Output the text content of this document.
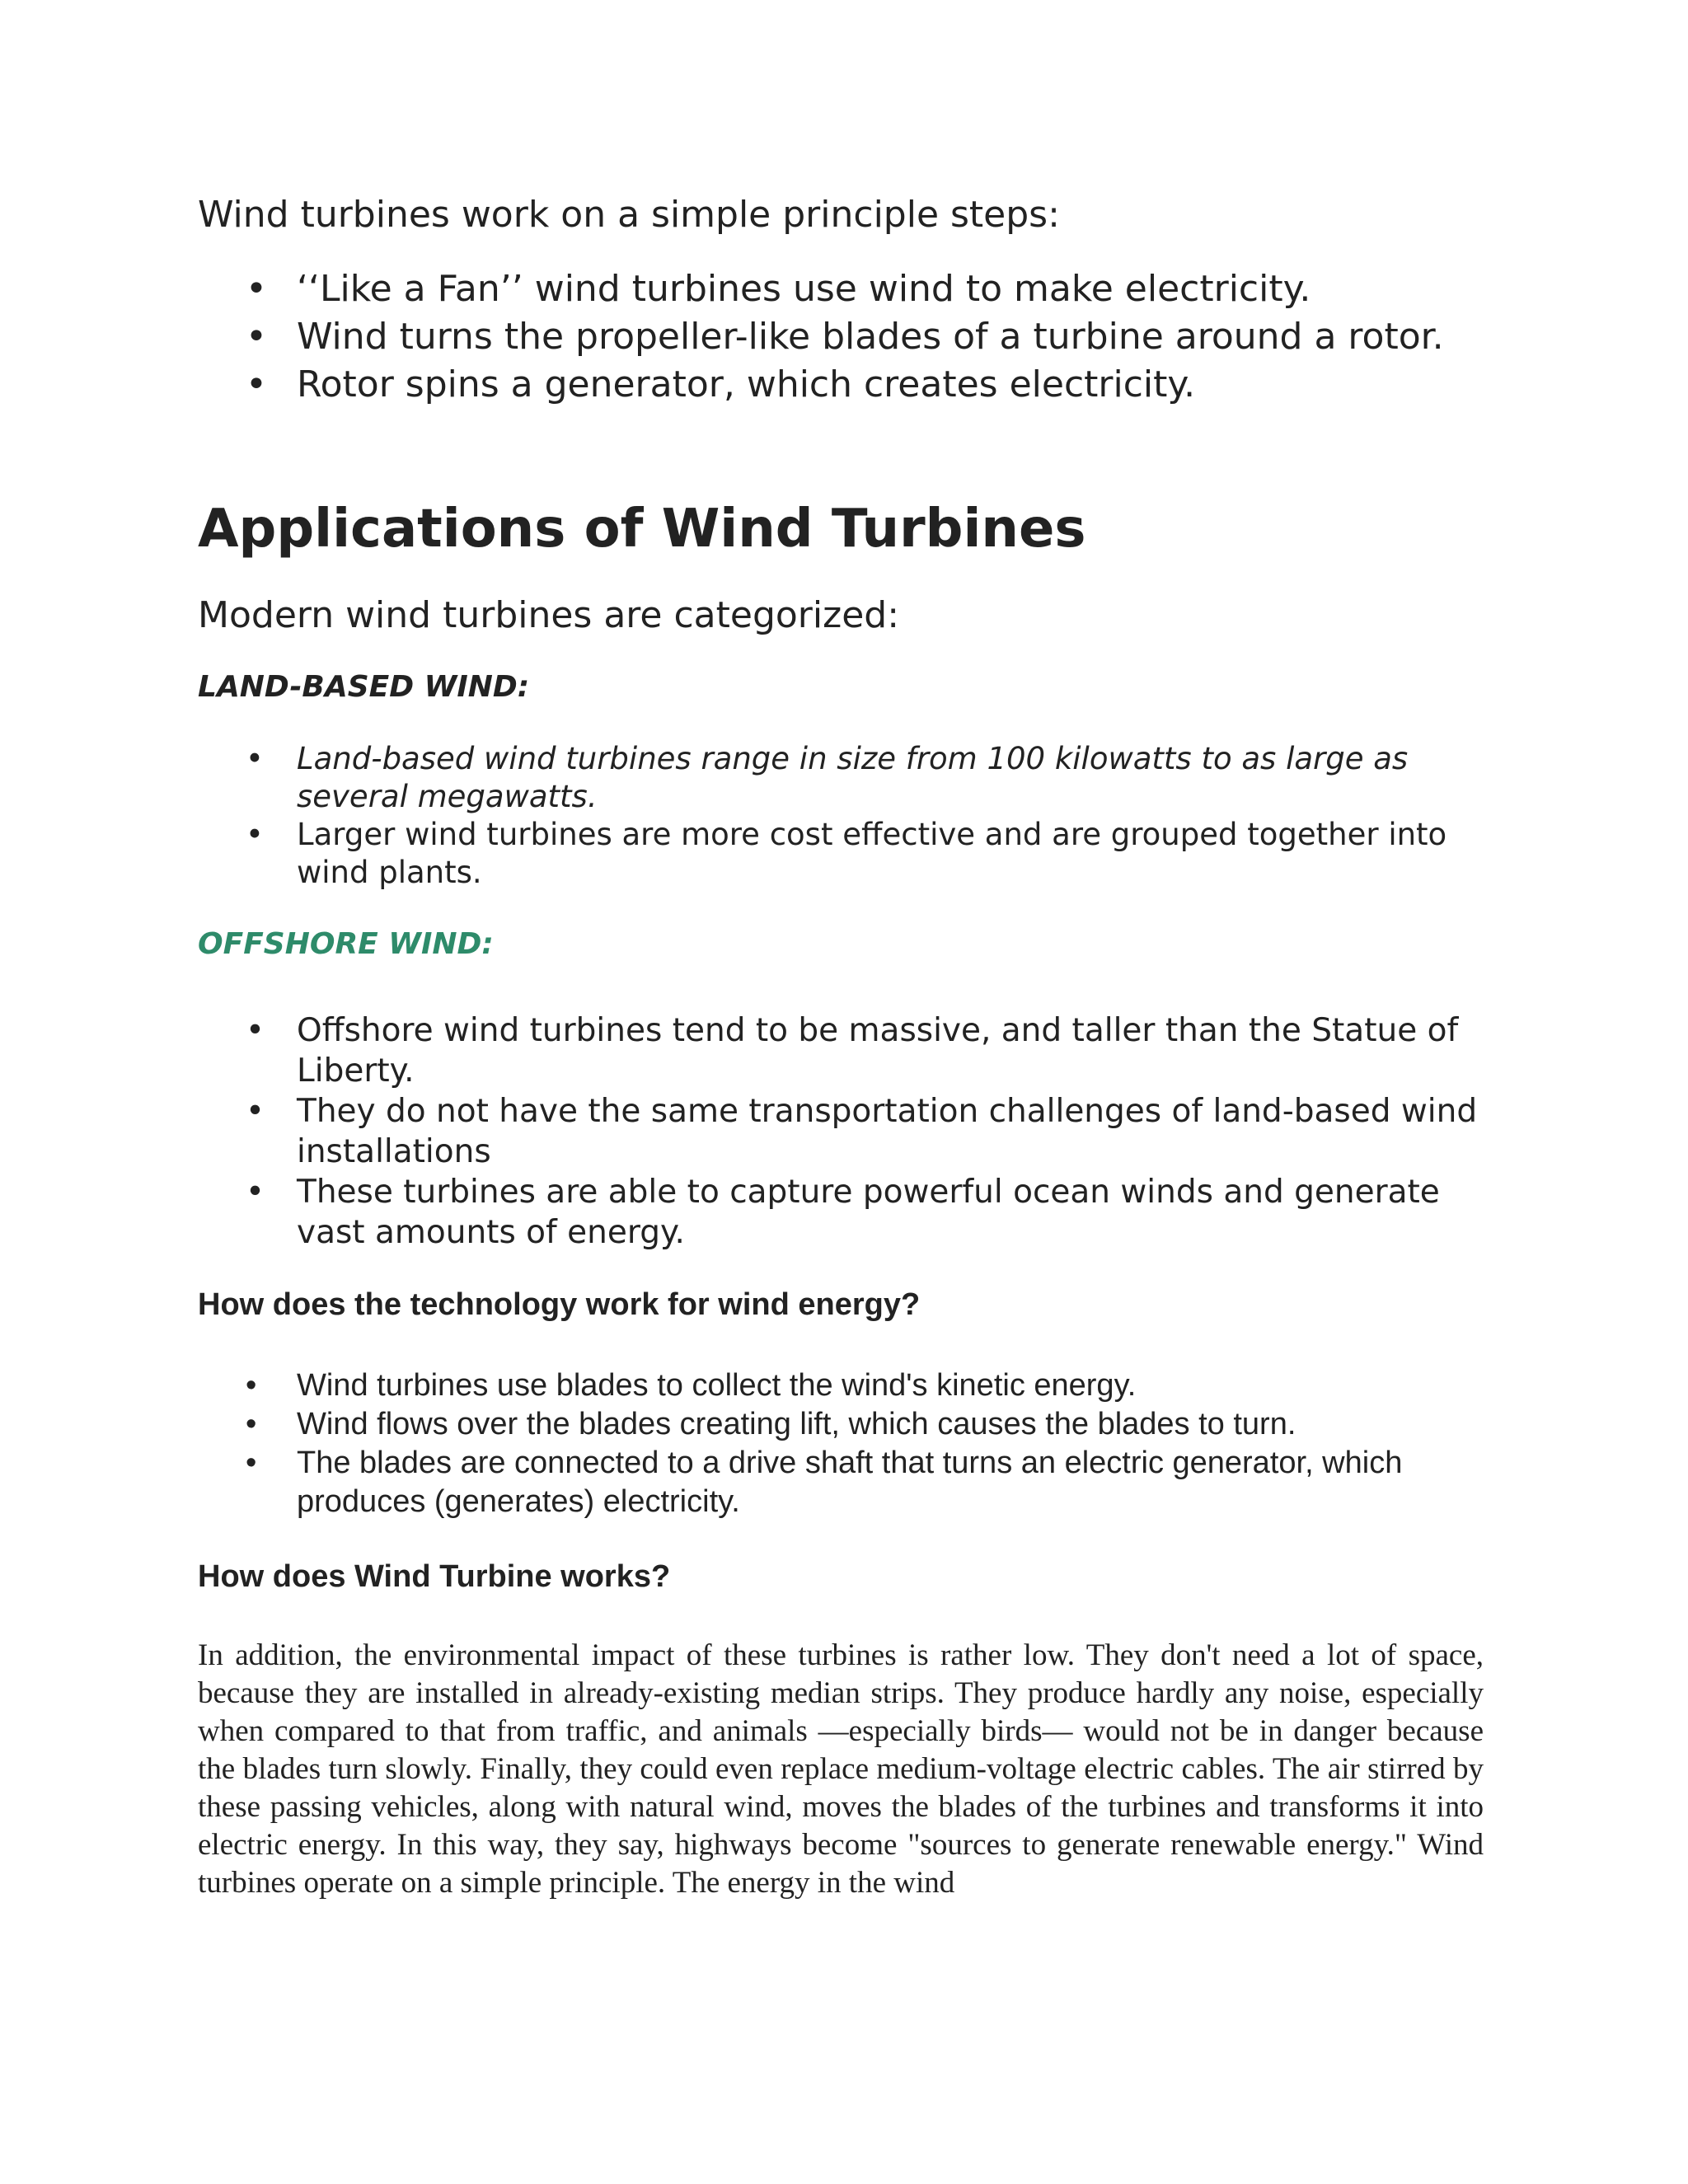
Wind turbines work on a simple principle steps:

• ‘‘Like a Fan’’ wind turbines use wind to make electricity.
• Wind turns the propeller-like blades of a turbine around a rotor.
• Rotor spins a generator, which creates electricity.
Applications of Wind Turbines

Modern wind turbines are categorized:

LAND-BASED WIND:
• Land-based wind turbines range in size from 100 kilowatts to as large as several megawatts.
• Larger wind turbines are more cost effective and are grouped together into wind plants.
OFFSHORE WIND:
• Offshore wind turbines tend to be massive, and taller than the Statue of Liberty.
• They do not have the same transportation challenges of land-based wind installations
• These turbines are able to capture powerful ocean winds and generate vast amounts of energy.
How does the technology work for wind energy?
• Wind turbines use blades to collect the wind's kinetic energy.
• Wind flows over the blades creating lift, which causes the blades to turn.
• The blades are connected to a drive shaft that turns an electric generator, which produces (generates) electricity.
How does Wind Turbine works?

In addition, the environmental impact of these turbines is rather low. They don't need a lot of space, because they are installed in already-existing median strips. They produce hardly any noise, especially when compared to that from traffic, and animals —especially birds— would not be in danger because the blades turn slowly. Finally, they could even replace medium-voltage electric cables. The air stirred by these passing vehicles, along with natural wind, moves the blades of the turbines and transforms it into electric energy. In this way, they say, highways become "sources to generate renewable energy." Wind turbines operate on a simple principle. The energy in the wind
